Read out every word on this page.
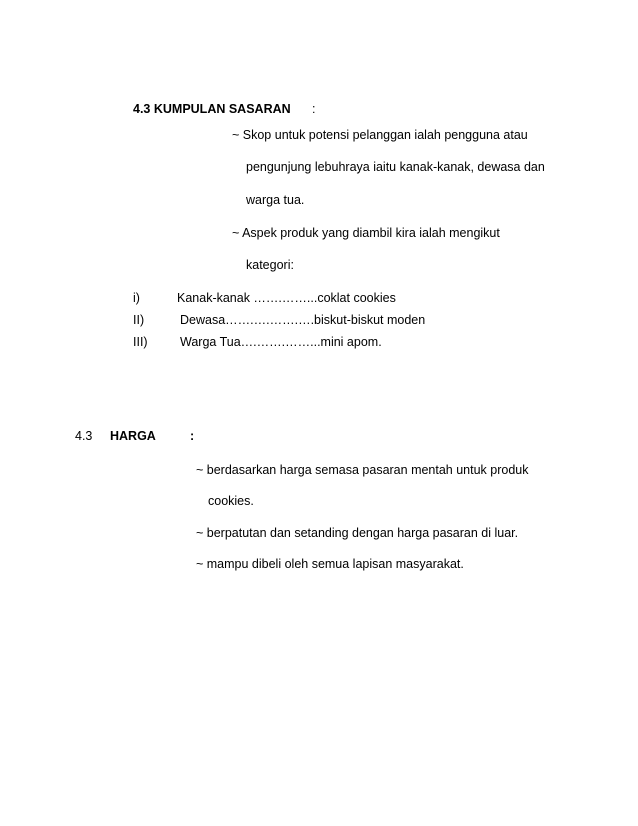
4.3 KUMPULAN SASARAN :
~ Skop untuk potensi pelanggan ialah pengguna atau
pengunjung lebuhraya iaitu kanak-kanak, dewasa dan
warga tua.
~ Aspek produk yang diambil kira ialah mengikut
kategori:
i)	Kanak-kanak …….……...coklat cookies
II)	Dewasa…….….…….….biskut-biskut moden
III)	Warga Tua….…….……...mini apom.
4.3 HARGA	:
~ berdasarkan harga semasa pasaran mentah untuk produk
cookies.
~ berpatutan dan setanding dengan harga pasaran di luar.
~ mampu dibeli oleh semua lapisan masyarakat.
